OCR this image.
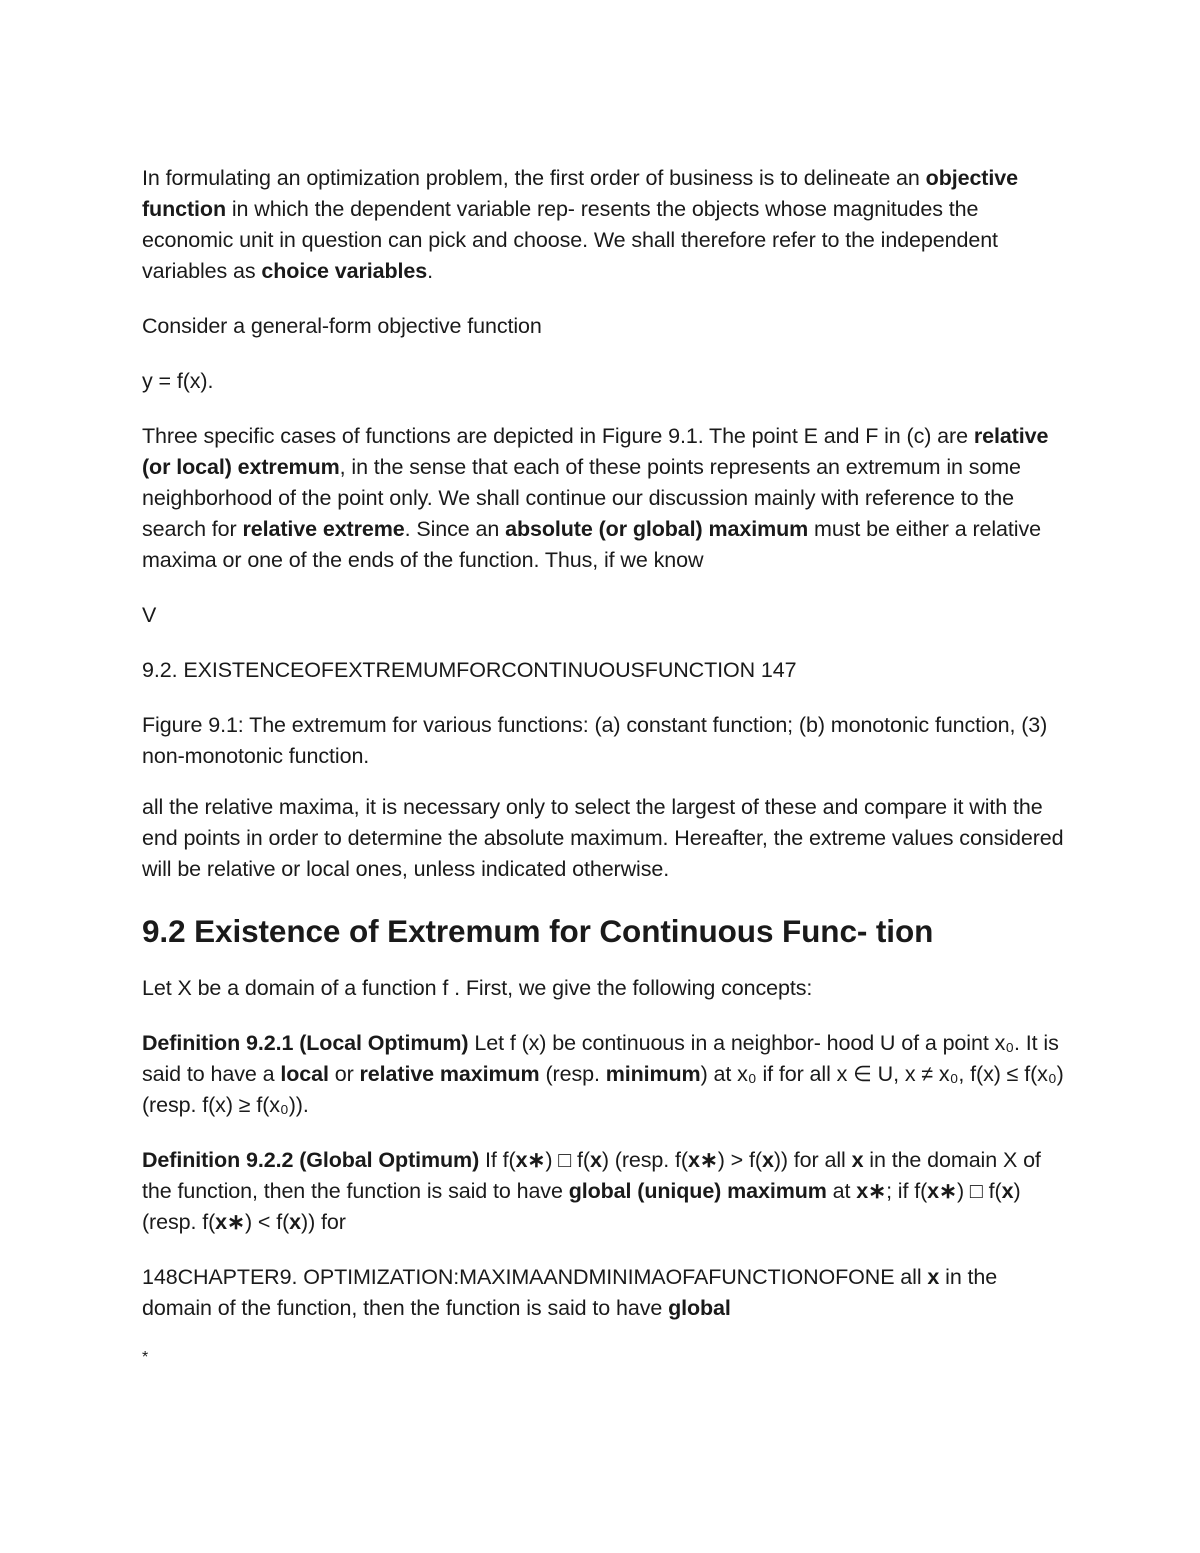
In formulating an optimization problem, the first order of business is to delineate an objective function in which the dependent variable rep- resents the objects whose magnitudes the economic unit in question can pick and choose. We shall therefore refer to the independent variables as choice variables.

Consider a general-form objective function

y = f(x).

Three specific cases of functions are depicted in Figure 9.1. The point E and F in (c) are relative (or local) extremum, in the sense that each of these points represents an extremum in some neighborhood of the point only. We shall continue our discussion mainly with reference to the search for relative extreme. Since an absolute (or global) maximum must be either a relative maxima or one of the ends of the function. Thus, if we know

V

9.2. EXISTENCEOFEXTREMUMFORCONTINUOUSFUNCTION 147

Figure 9.1: The extremum for various functions: (a) constant function; (b) monotonic function, (3) non-monotonic function.

all the relative maxima, it is necessary only to select the largest of these and compare it with the end points in order to determine the absolute maximum. Hereafter, the extreme values considered will be relative or local ones, unless indicated otherwise.

9.2 Existence of Extremum for Continuous Func- tion

Let X be a domain of a function f . First, we give the following concepts:

Definition 9.2.1 (Local Optimum) Let f (x) be continuous in a neighbor- hood U of a point x₀. It is said to have a local or relative maximum (resp. minimum) at x₀ if for all x ∈ U, x ≠ x₀, f(x) ≤ f(x₀) (resp. f(x) ≥ f(x₀)).

Definition 9.2.2 (Global Optimum) If f(x∗) □ f(x) (resp. f(x∗) > f(x)) for all x in the domain X of the function, then the function is said to have global (unique) maximum at x∗; if f(x∗) □ f(x) (resp. f(x∗) < f(x)) for

148CHAPTER9. OPTIMIZATION:MAXIMAANDMINIMAOFAFUNCTIONOFONE all x in the domain of the function, then the function is said to have global

*
